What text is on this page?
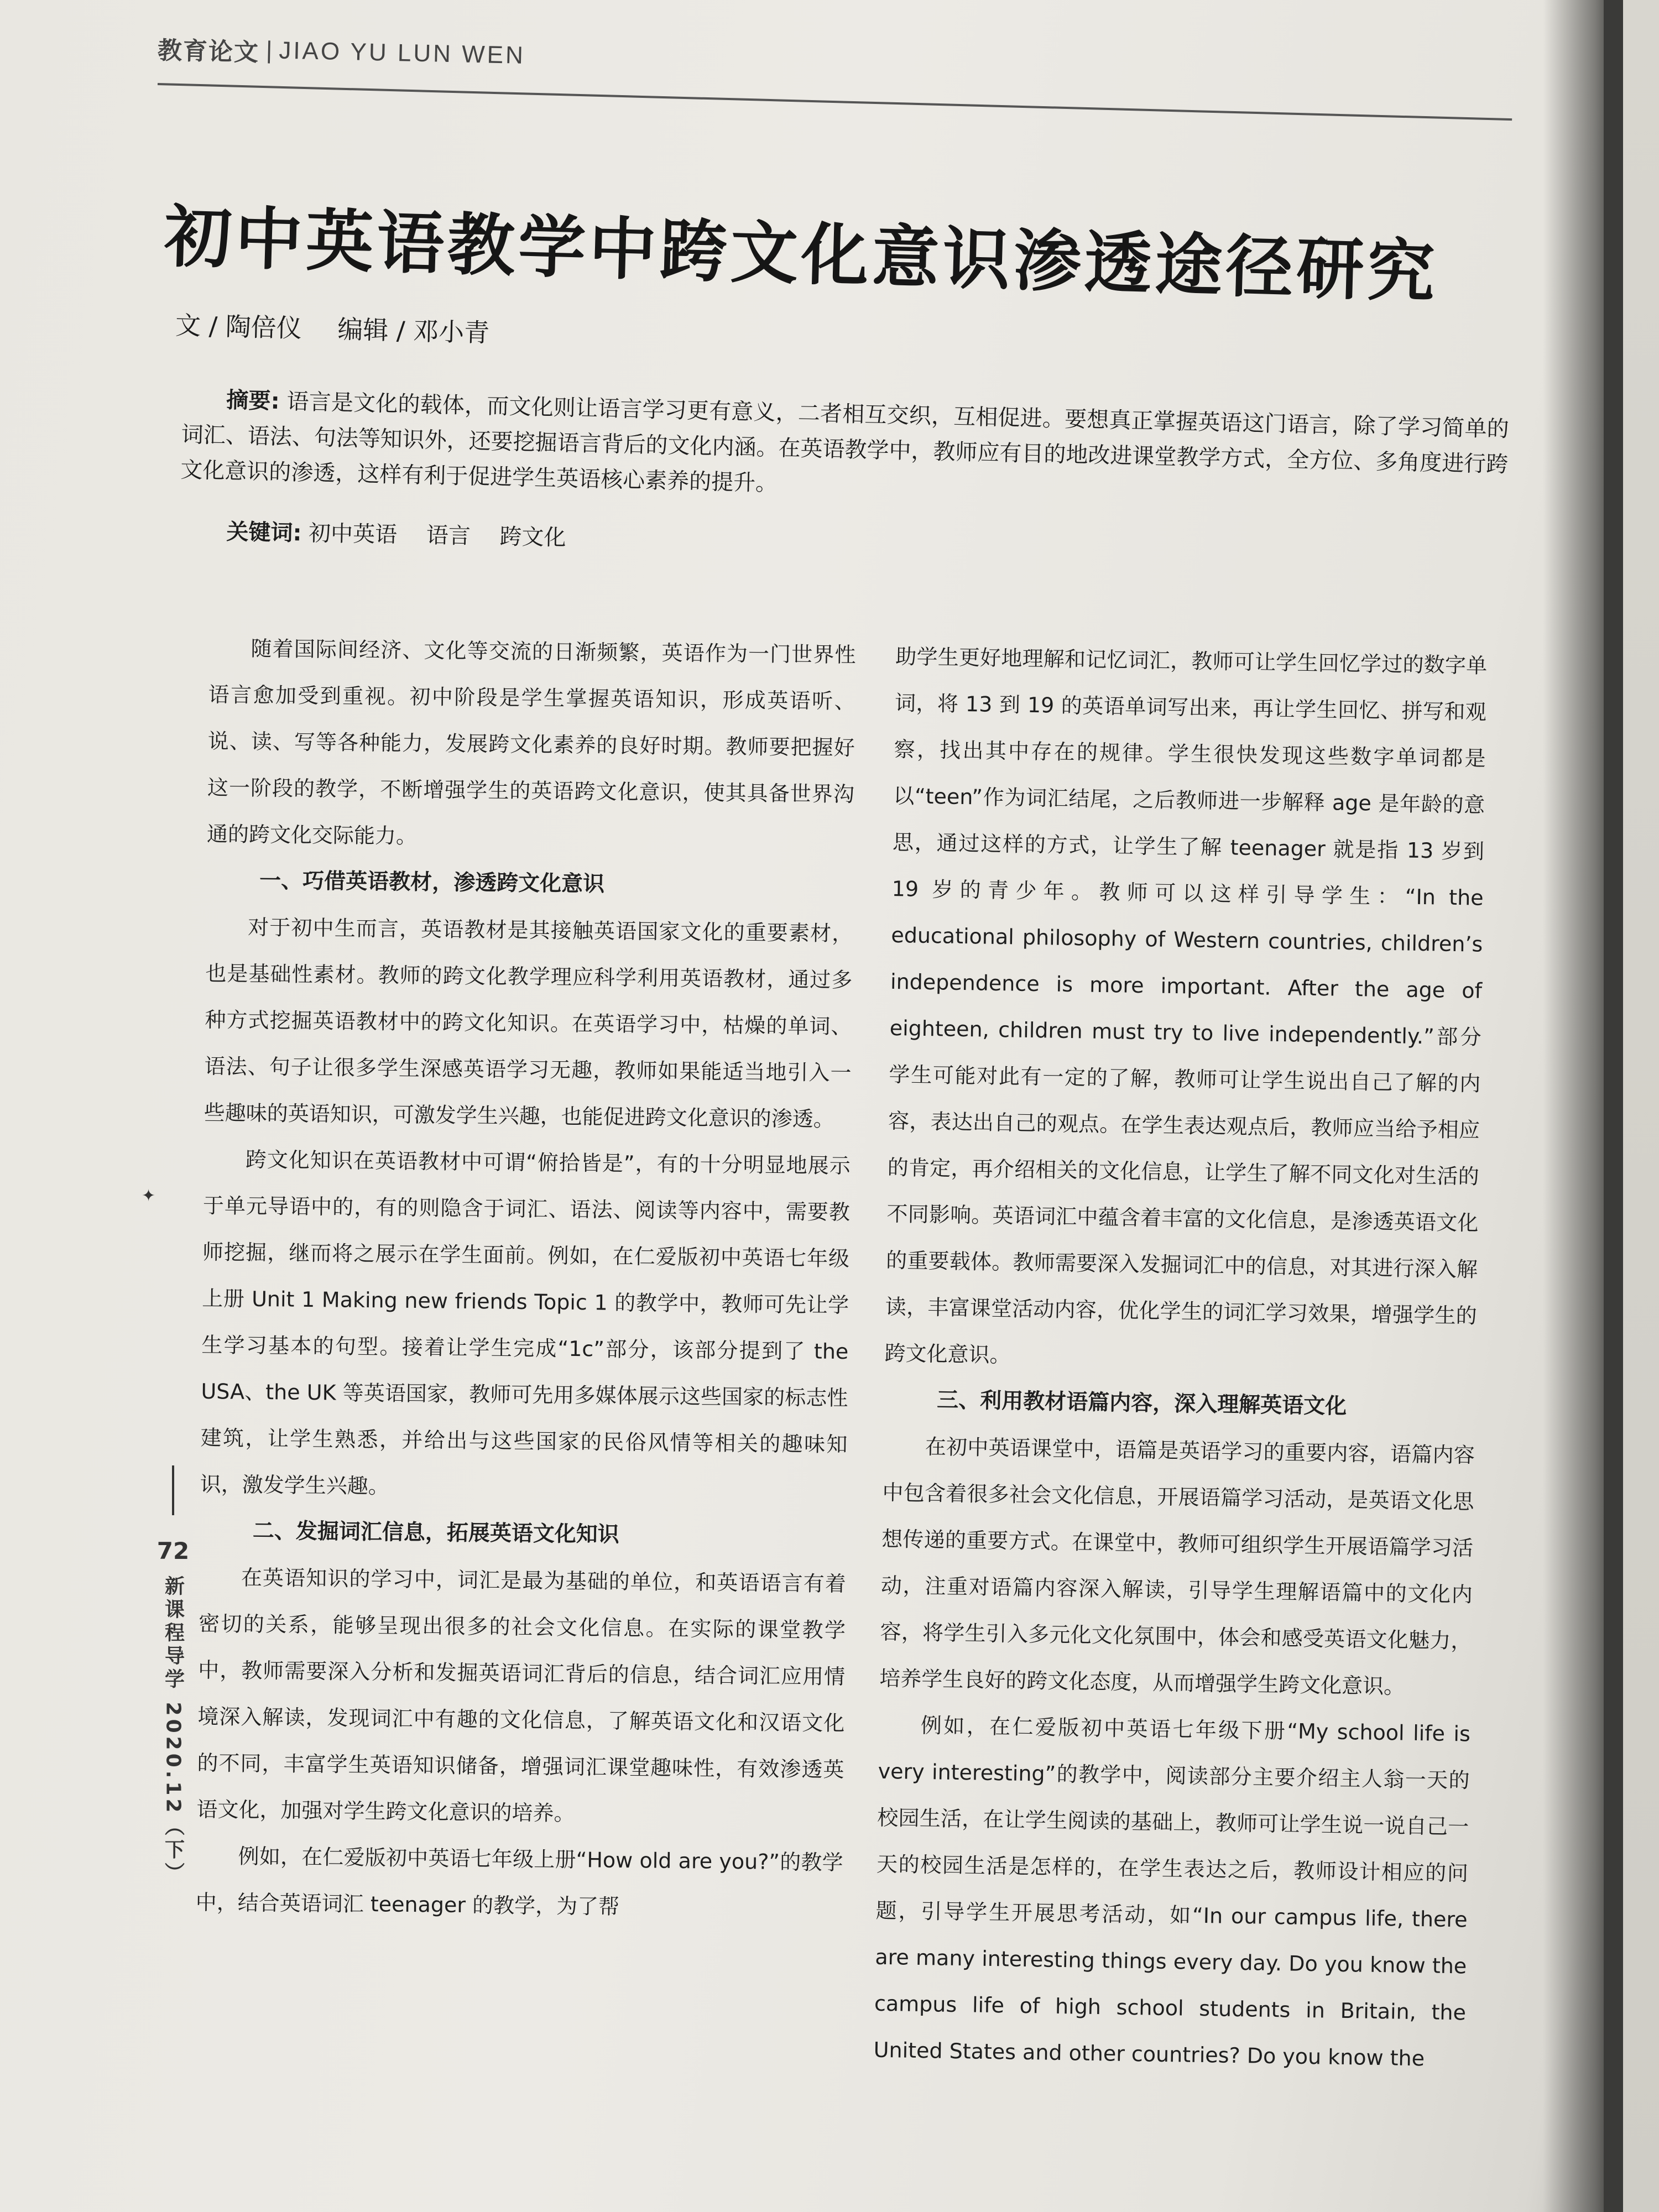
教育论文 | JIAO YU LUN WEN
初中英语教学中跨文化意识渗透途径研究
文 / 陶倍仪 编辑 / 邓小青
摘要: 语言是文化的载体，而文化则让语言学习更有意义，二者相互交织，互相促进。要想真正掌握英语这门语言，除了学习简单的词汇、语法、句法等知识外，还要挖掘语言背后的文化内涵。在英语教学中，教师应有目的地改进课堂教学方式，全方位、多角度进行跨文化意识的渗透，这样有利于促进学生英语核心素养的提升。
关键词: 初中英语 语言 跨文化

随着国际间经济、文化等交流的日渐频繁，英语作为一门世界性语言愈加受到重视。初中阶段是学生掌握英语知识，形成英语听、说、读、写等各种能力，发展跨文化素养的良好时期。教师要把握好这一阶段的教学，不断增强学生的英语跨文化意识，使其具备世界沟通的跨文化交际能力。

一、巧借英语教材，渗透跨文化意识

对于初中生而言，英语教材是其接触英语国家文化的重要素材，也是基础性素材。教师的跨文化教学理应科学利用英语教材，通过多种方式挖掘英语教材中的跨文化知识。在英语学习中，枯燥的单词、语法、句子让很多学生深感英语学习无趣，教师如果能适当地引入一些趣味的英语知识，可激发学生兴趣，也能促进跨文化意识的渗透。

跨文化知识在英语教材中可谓“俯拾皆是”，有的十分明显地展示于单元导语中的，有的则隐含于词汇、语法、阅读等内容中，需要教师挖掘，继而将之展示在学生面前。例如，在仁爱版初中英语七年级上册 Unit 1 Making new friends Topic 1 的教学中，教师可先让学生学习基本的句型。接着让学生完成“1c”部分，该部分提到了 the USA、the UK 等英语国家，教师可先用多媒体展示这些国家的标志性建筑，让学生熟悉，并给出与这些国家的民俗风情等相关的趣味知识，激发学生兴趣。

二、发掘词汇信息，拓展英语文化知识

在英语知识的学习中，词汇是最为基础的单位，和英语语言有着密切的关系，能够呈现出很多的社会文化信息。在实际的课堂教学中，教师需要深入分析和发掘英语词汇背后的信息，结合词汇应用情境深入解读，发现词汇中有趣的文化信息，了解英语文化和汉语文化的不同，丰富学生英语知识储备，增强词汇课堂趣味性，有效渗透英语文化，加强对学生跨文化意识的培养。

例如，在仁爱版初中英语七年级上册“How old are you?”的教学中，结合英语词汇 teenager 的教学，为了帮

助学生更好地理解和记忆词汇，教师可让学生回忆学过的数字单词，将 13 到 19 的英语单词写出来，再让学生回忆、拼写和观察，找出其中存在的规律。学生很快发现这些数字单词都是以“teen”作为词汇结尾，之后教师进一步解释 age 是年龄的意思，通过这样的方式，让学生了解 teenager 就是指 13 岁到 19 岁的青少年。教师可以这样引导学生：“In the educational philosophy of Western countries, children’s independence is more important. After the age of eighteen, children must try to live independently.”部分学生可能对此有一定的了解，教师可让学生说出自己了解的内容，表达出自己的观点。在学生表达观点后，教师应当给予相应的肯定，再介绍相关的文化信息，让学生了解不同文化对生活的不同影响。英语词汇中蕴含着丰富的文化信息，是渗透英语文化的重要载体。教师需要深入发掘词汇中的信息，对其进行深入解读，丰富课堂活动内容，优化学生的词汇学习效果，增强学生的跨文化意识。

三、利用教材语篇内容，深入理解英语文化

在初中英语课堂中，语篇是英语学习的重要内容，语篇内容中包含着很多社会文化信息，开展语篇学习活动，是英语文化思想传递的重要方式。在课堂中，教师可组织学生开展语篇学习活动，注重对语篇内容深入解读，引导学生理解语篇中的文化内容，将学生引入多元化文化氛围中，体会和感受英语文化魅力，培养学生良好的跨文化态度，从而增强学生跨文化意识。

例如，在仁爱版初中英语七年级下册“My school life is very interesting”的教学中，阅读部分主要介绍主人翁一天的校园生活，在让学生阅读的基础上，教师可让学生说一说自己一天的校园生活是怎样的，在学生表达之后，教师设计相应的问题，引导学生开展思考活动，如“In our campus life, there are many interesting things every day. Do you know the campus life of high school students in Britain, the United States and other countries? Do you know the

✦
72
新课程导学 2020.12（下）
